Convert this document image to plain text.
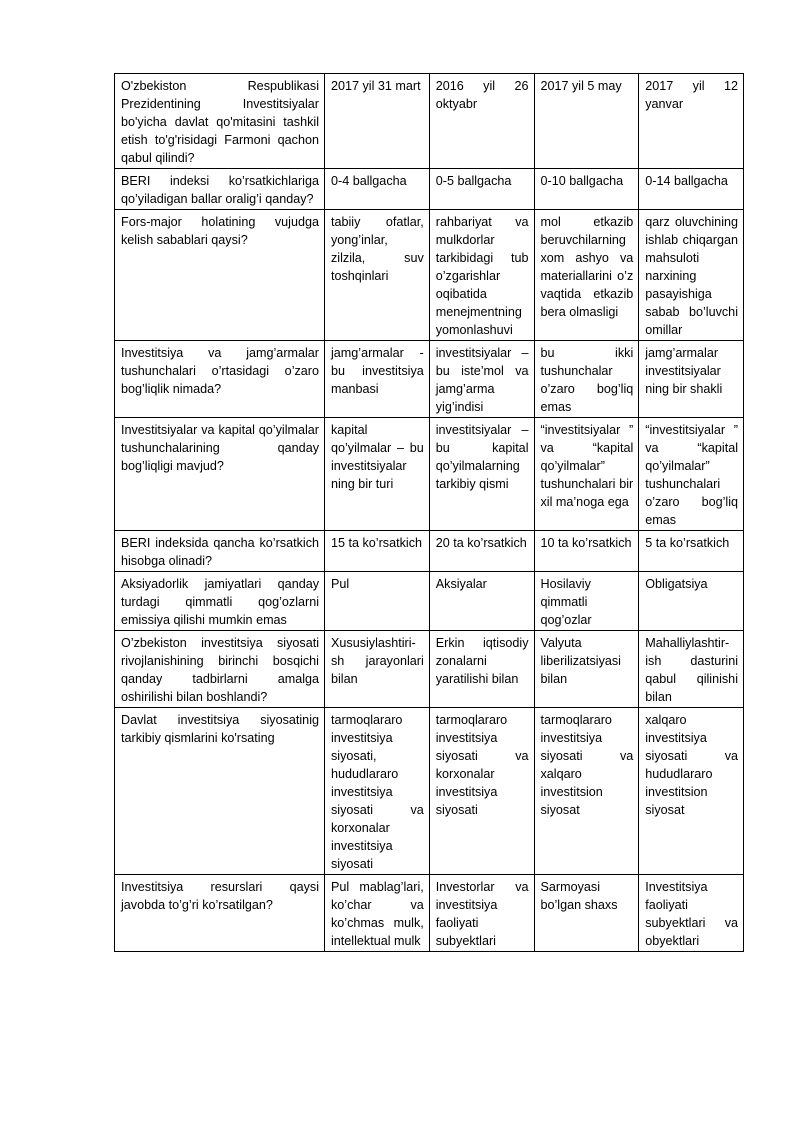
O'zbekiston Respublikasi Prezidentining Investitsiyalar bo'yicha davlat qo'mitasini tashkil etish to'g'risidagi Farmoni qachon qabul qilindi?	2017 yil 31 mart	2016 yil 26 oktyabr	2017 yil 5 may	2017 yil 12 yanvar
BERI indeksi ko’rsatkichlariga qo’yiladigan ballar oralig’i qanday?	0-4 ballgacha	0-5 ballgacha	0-10 ballgacha	0-14 ballgacha
Fors-major holatining vujudga kelish sabablari qaysi?	tabiiy ofatlar, yong’inlar, zilzila, suv toshqinlari	rahbariyat va mulkdorlar tarkibidagi tub o’zgarishlar oqibatida menejmentning yomonlashuvi	mol etkazib beruvchilarning xom ashyo va materiallarini o’z vaqtida etkazib bera olmasligi	qarz oluvchining ishlab chiqargan mahsuloti narxining pasayishiga sabab bo’luvchi omillar
Investitsiya va jamg’armalar tushunchalari o’rtasidagi o’zaro bog’liqlik nimada?	jamg’armalar - bu investitsiya manbasi	investitsiyalar – bu iste’mol va jamg’arma yig’indisi	bu ikki tushunchalar o’zaro bog’liq emas	jamg’armalar investitsiyalar ning bir shakli
Investitsiyalar va kapital qo’yilmalar tushunchalarining qanday bog’liqligi mavjud?	kapital qo’yilmalar – bu investitsiyalar ning bir turi	investitsiyalar – bu kapital qo’yilmalarning tarkibiy qismi	“investitsiyalar ” va “kapital qo’yilmalar” tushunchalari bir xil ma’noga ega	“investitsiyalar ” va “kapital qo’yilmalar” tushunchalari o’zaro bog’liq emas
BERI indeksida qancha ko’rsatkich hisobga olinadi?	15 ta ko’rsatkich	20 ta ko’rsatkich	10 ta ko’rsatkich	5 ta ko’rsatkich
Aksiyadorlik jamiyatlari qanday turdagi qimmatli qog’ozlarni emissiya qilishi mumkin emas	Pul	Aksiyalar	Hosilaviy qimmatli qog’ozlar	Obligatsiya
O’zbekiston investitsiya siyosati rivojlanishining birinchi bosqichi qanday tadbirlarni amalga oshirilishi bilan boshlandi?	Xususiylashtirish jarayonlari bilan	Erkin iqtisodiy zonalarni yaratilishi bilan	Valyuta liberilizatsiyasi bilan	Mahalliylashtirish dasturini qabul qilinishi bilan
Davlat investitsiya siyosatinig tarkibiy qismlarini ko'rsating	tarmoqlararo investitsiya siyosati, hududlararo investitsiya siyosati va korxonalar investitsiya siyosati	tarmoqlararo investitsiya siyosati va korxonalar investitsiya siyosati	tarmoqlararo investitsiya siyosati va xalqaro investitsion siyosat	xalqaro investitsiya siyosati va hududlararo investitsion siyosat
Investitsiya resurslari qaysi javobda to’g’ri ko’rsatilgan?	Pul mablag’lari, ko’char va ko’chmas mulk, intellektual mulk	Investorlar va investitsiya faoliyati subyektlari	Sarmoyasi bo’lgan shaxs	Investitsiya faoliyati subyektlari va obyektlari
